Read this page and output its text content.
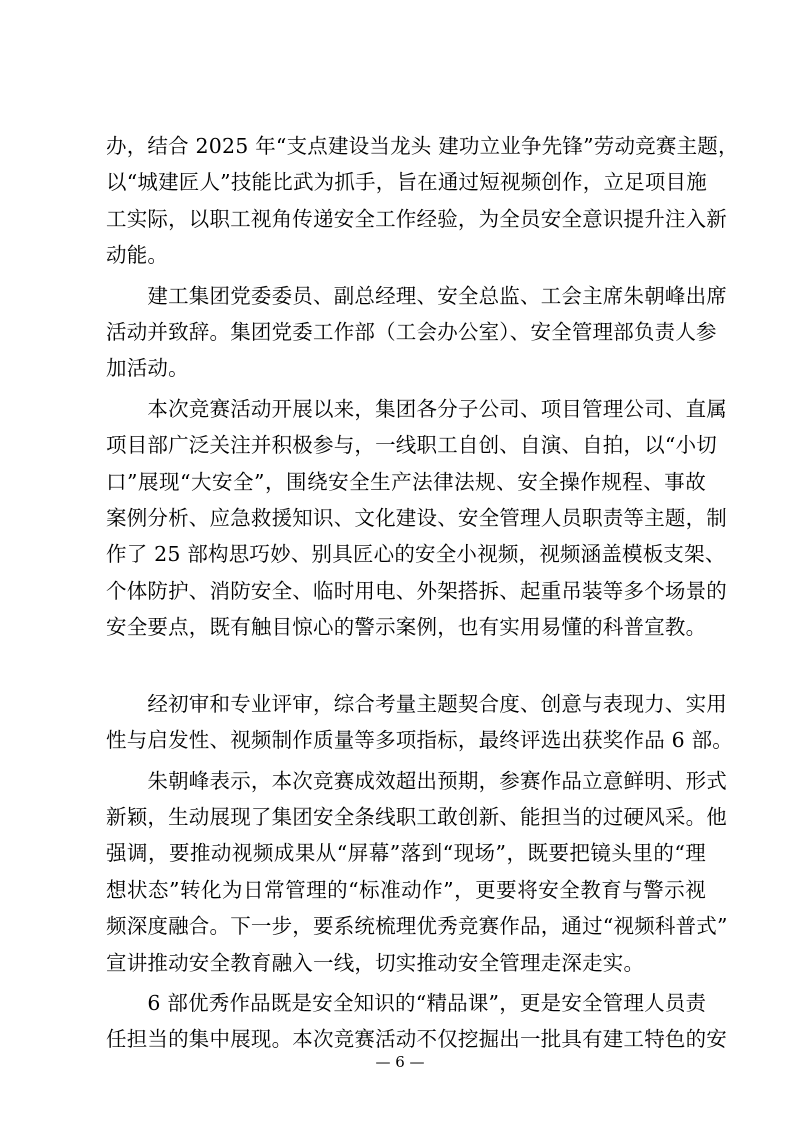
办，结合 2025 年“支点建设当龙头 建功立业争先锋”劳动竞赛主题，
以“城建匠人”技能比武为抓手，旨在通过短视频创作，立足项目施
工实际，以职工视角传递安全工作经验，为全员安全意识提升注入新
动能。

　　建工集团党委委员、副总经理、安全总监、工会主席朱朝峰出席
活动并致辞。集团党委工作部（工会办公室）、安全管理部负责人参
加活动。

　　本次竞赛活动开展以来，集团各分子公司、项目管理公司、直属
项目部广泛关注并积极参与，一线职工自创、自演、自拍，以“小切
口”展现“大安全”，围绕安全生产法律法规、安全操作规程、事故
案例分析、应急救援知识、文化建设、安全管理人员职责等主题，制
作了 25 部构思巧妙、别具匠心的安全小视频，视频涵盖模板支架、
个体防护、消防安全、临时用电、外架搭拆、起重吊装等多个场景的
安全要点，既有触目惊心的警示案例，也有实用易懂的科普宣教。

　　经初审和专业评审，综合考量主题契合度、创意与表现力、实用
性与启发性、视频制作质量等多项指标，最终评选出获奖作品 6 部。

　　朱朝峰表示，本次竞赛成效超出预期，参赛作品立意鲜明、形式
新颖，生动展现了集团安全条线职工敢创新、能担当的过硬风采。他
强调，要推动视频成果从“屏幕”落到“现场”，既要把镜头里的“理
想状态”转化为日常管理的“标准动作”，更要将安全教育与警示视
频深度融合。下一步，要系统梳理优秀竞赛作品，通过“视频科普式”
宣讲推动安全教育融入一线，切实推动安全管理走深走实。

　　6 部优秀作品既是安全知识的“精品课”，更是安全管理人员责
任担当的集中展现。本次竞赛活动不仅挖掘出一批具有建工特色的安

— 6 —
